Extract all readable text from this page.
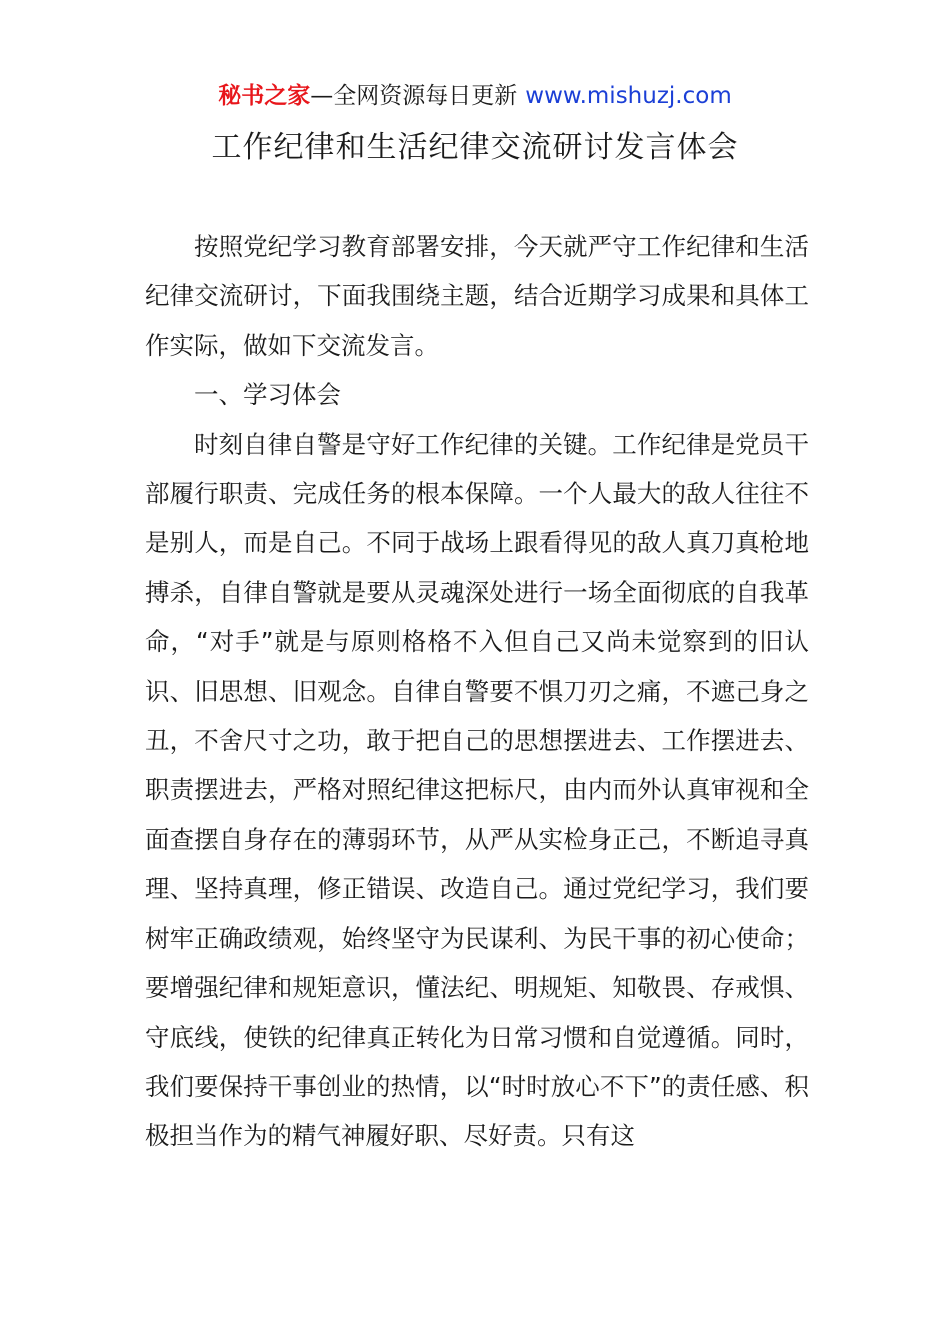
秘书之家—全网资源每日更新 www.mishuzj.com
工作纪律和生活纪律交流研讨发言体会

按照党纪学习教育部署安排，今天就严守工作纪律和生活纪律交流研讨，下面我围绕主题，结合近期学习成果和具体工作实际，做如下交流发言。

一、学习体会

时刻自律自警是守好工作纪律的关键。工作纪律是党员干部履行职责、完成任务的根本保障。一个人最大的敌人往往不是别人，而是自己。不同于战场上跟看得见的敌人真刀真枪地搏杀，自律自警就是要从灵魂深处进行一场全面彻底的自我革命，“对手”就是与原则格格不入但自己又尚未觉察到的旧认识、旧思想、旧观念。自律自警要不惧刀刃之痛，不遮己身之丑，不舍尺寸之功，敢于把自己的思想摆进去、工作摆进去、职责摆进去，严格对照纪律这把标尺，由内而外认真审视和全面查摆自身存在的薄弱环节，从严从实检身正己，不断追寻真理、坚持真理，修正错误、改造自己。通过党纪学习，我们要树牢正确政绩观，始终坚守为民谋利、为民干事的初心使命；要增强纪律和规矩意识，懂法纪、明规矩、知敬畏、存戒惧、守底线，使铁的纪律真正转化为日常习惯和自觉遵循。同时，我们要保持干事创业的热情，以“时时放心不下”的责任感、积极担当作为的精气神履好职、尽好责。只有这
